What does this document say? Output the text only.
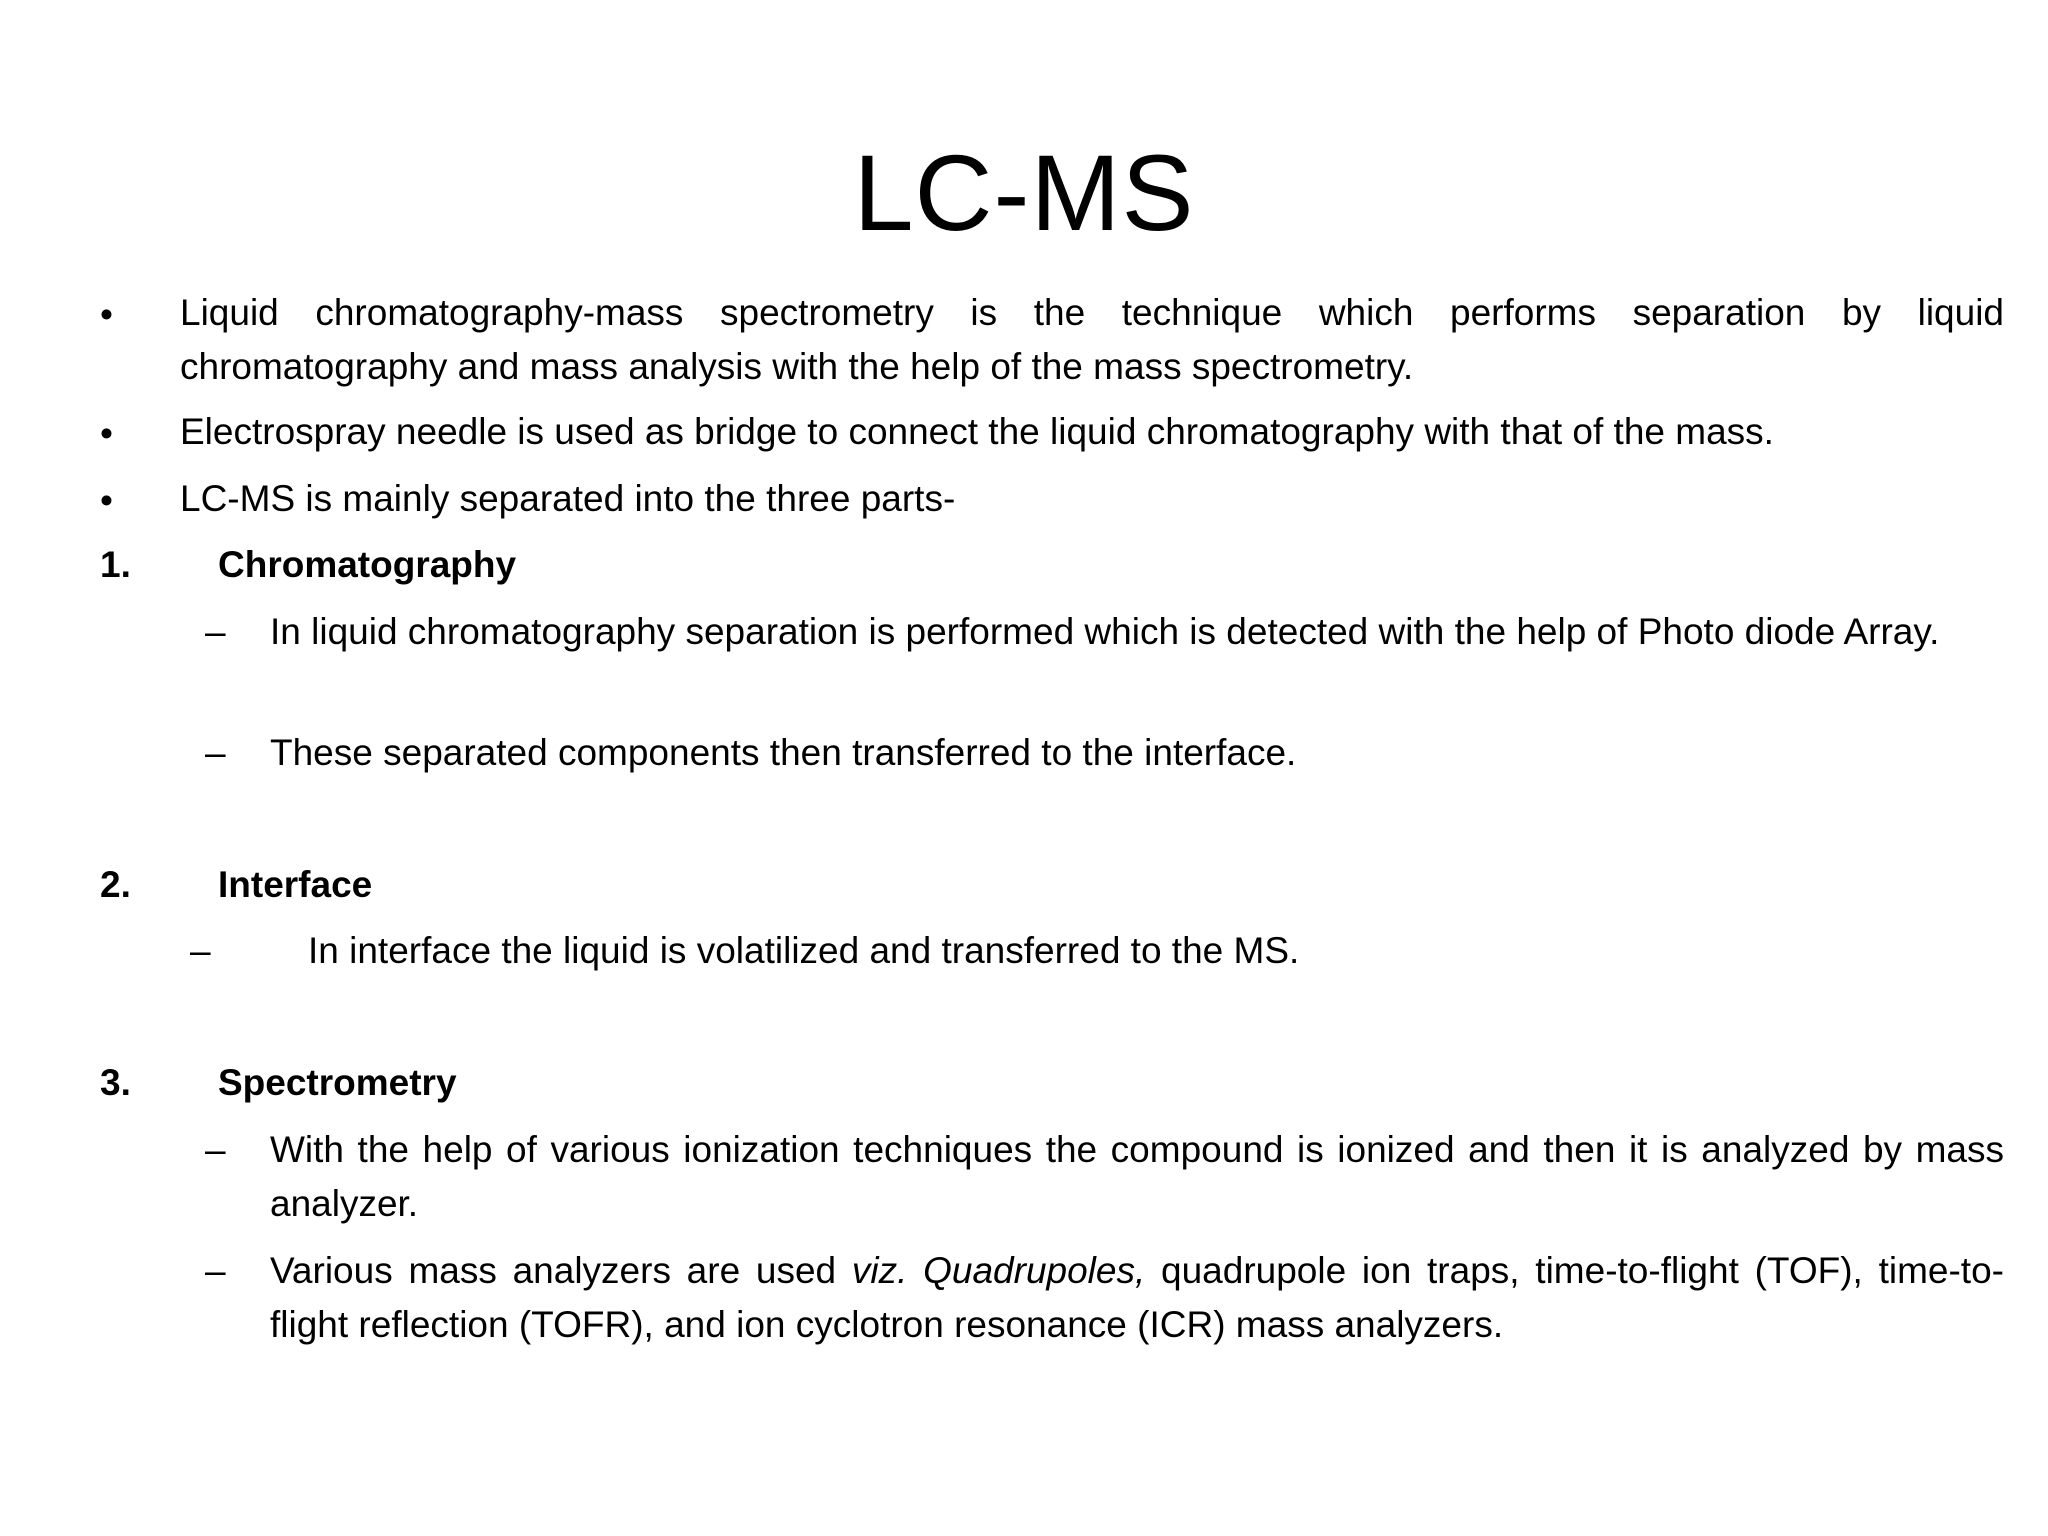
LC-MS
• Liquid chromatography-mass spectrometry is the technique which performs separation by liquid chromatography and mass analysis with the help of the mass spectrometry.
• Electrospray needle is used as bridge to connect the liquid chromatography with that of the mass.
• LC-MS is mainly separated into the three parts-
1. Chromatography
– In liquid chromatography separation is performed which is detected with the help of Photo diode Array.
– These separated components then transferred to the interface.
2. Interface
–	In interface the liquid is volatilized and transferred to the MS.
3. Spectrometry
– With the help of various ionization techniques the compound is ionized and then it is analyzed by mass analyzer.
– Various mass analyzers are used viz. Quadrupoles, quadrupole ion traps, time-to-flight (TOF), time-to-flight reflection (TOFR), and ion cyclotron resonance (ICR) mass analyzers.
